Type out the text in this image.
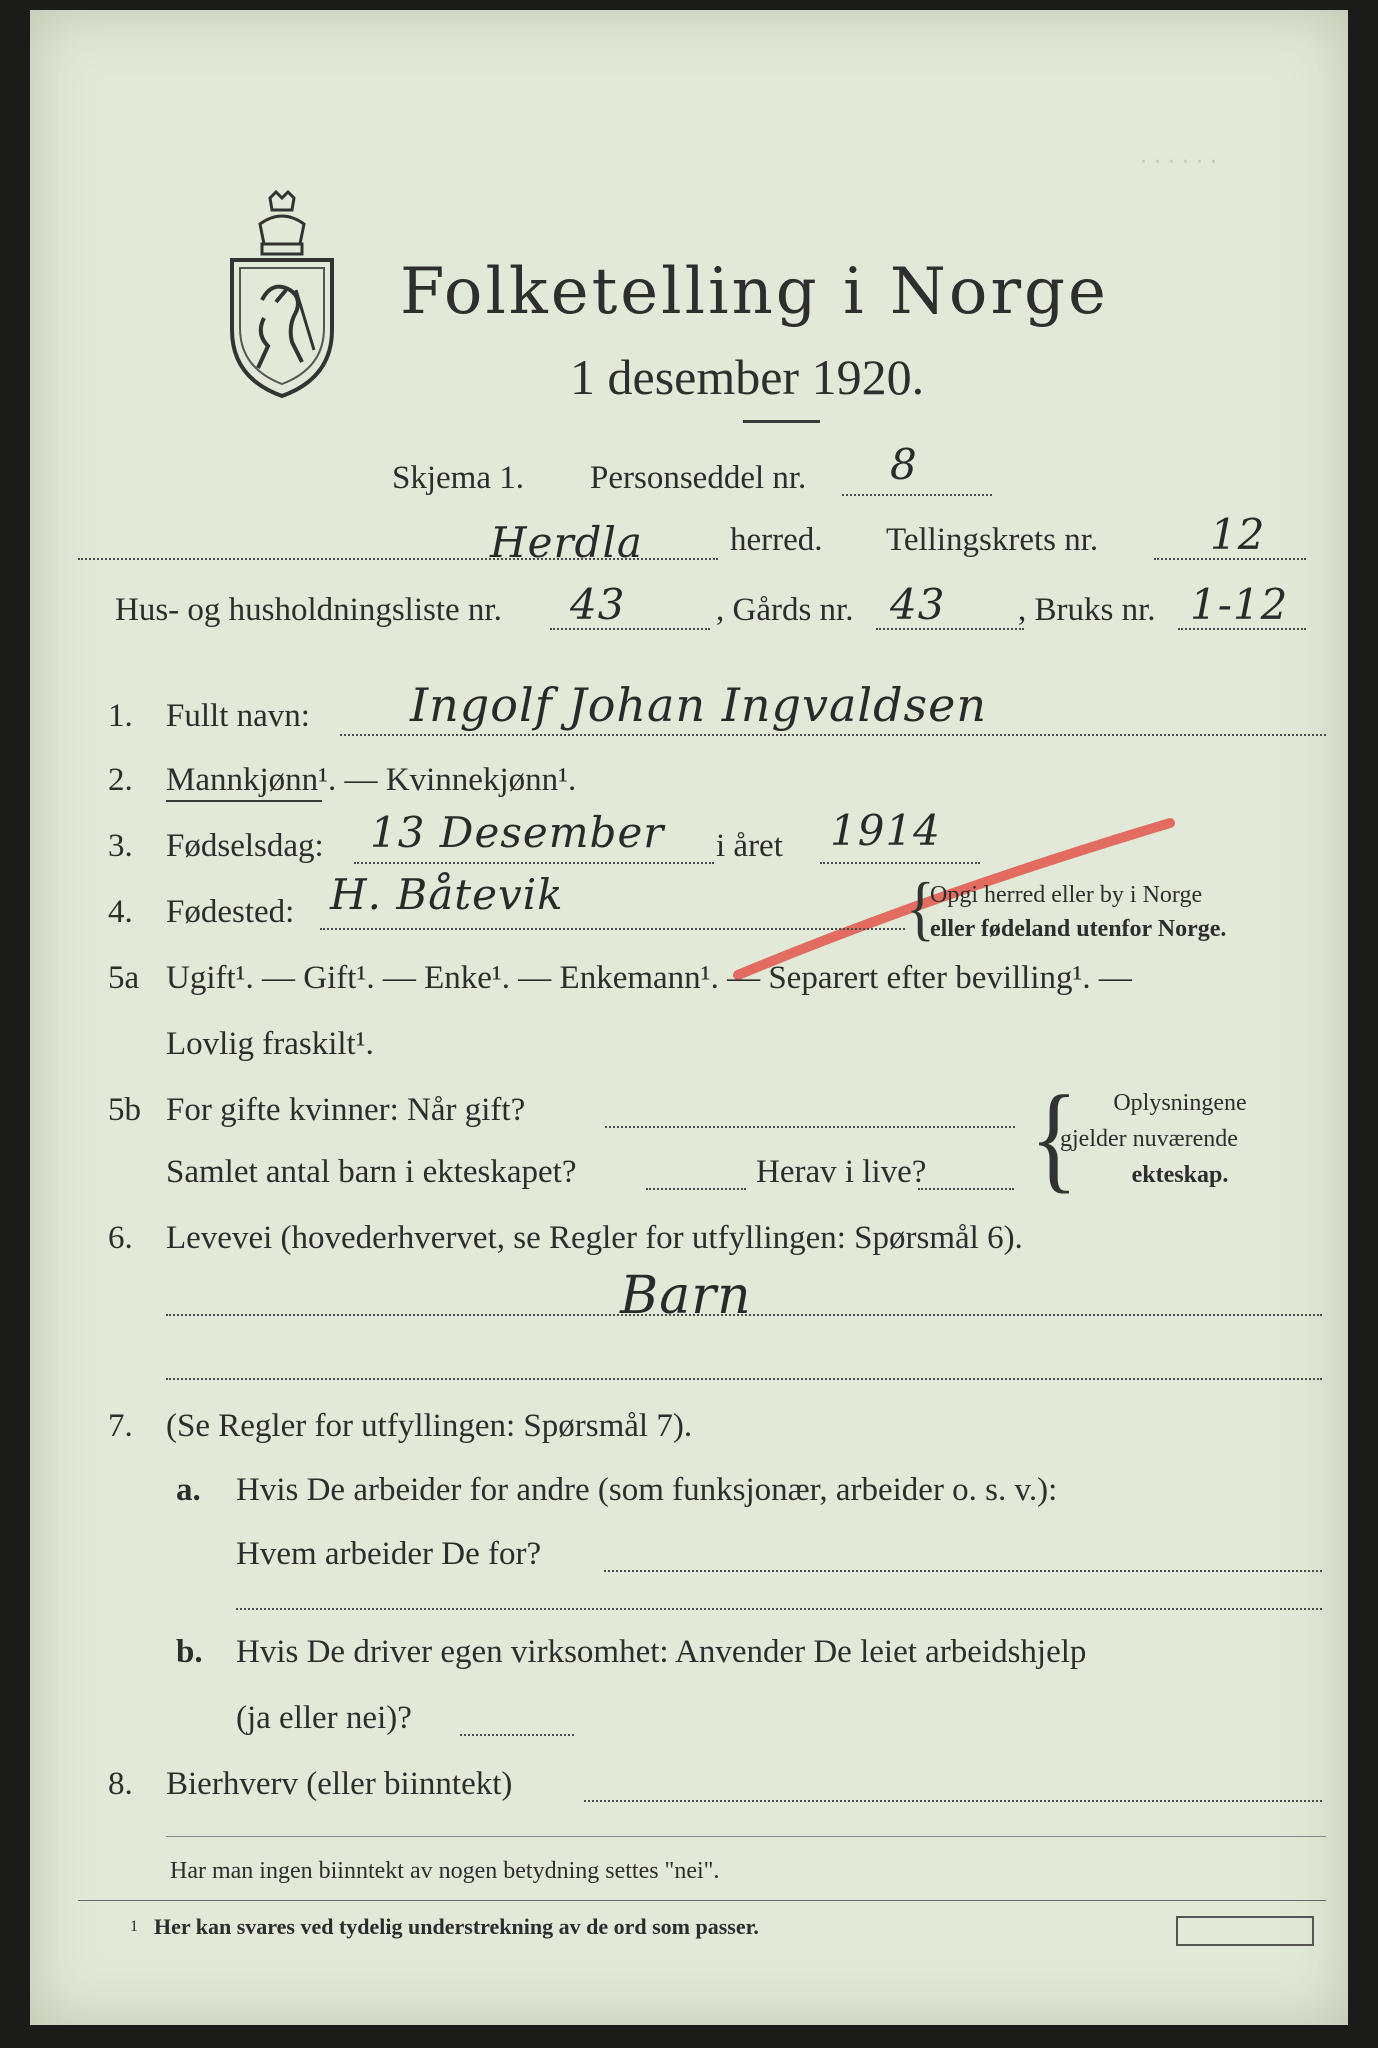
· · · · · ·
Folketelling i Norge
1 desember 1920.
Skjema 1. Personseddel nr. 8
Herdla	herred. Tellingskrets nr.	12
Hus- og husholdningsliste nr. 43	, Gårds nr. 43 , Bruks nr. 1-12
1. Fullt navn: Ingolf Johan Ingvaldsen
2. Mannkjønn¹. — Kvinnekjønn¹.
3. Fødselsdag: 13 Desember i året 1914
4. Fødested: H. Båtevik	{
Opgi herred eller by i Norge
eller fødeland utenfor Norge.
5a Ugift¹. — Gift¹. — Enke¹. — Enkemann¹. — Separert efter bevilling¹. —
Lovlig fraskilt¹.
5b For gifte kvinner: Når gift?
Samlet antal barn i ekteskapet?	Herav i live? {	Oplysningene
gjelder nuværende
ekteskap.
6. Levevei (hovederhvervet, se Regler for utfyllingen: Spørsmål 6).
Barn
7. (Se Regler for utfyllingen: Spørsmål 7).
a. Hvis De arbeider for andre (som funksjonær, arbeider o. s. v.):
Hvem arbeider De for?
b. Hvis De driver egen virksomhet: Anvender De leiet arbeidshjelp
(ja eller nei)?
8. Bierhverv (eller biinntekt)
Har man ingen biinntekt av nogen betydning settes "nei".
1 Her kan svares ved tydelig understrekning av de ord som passer.
